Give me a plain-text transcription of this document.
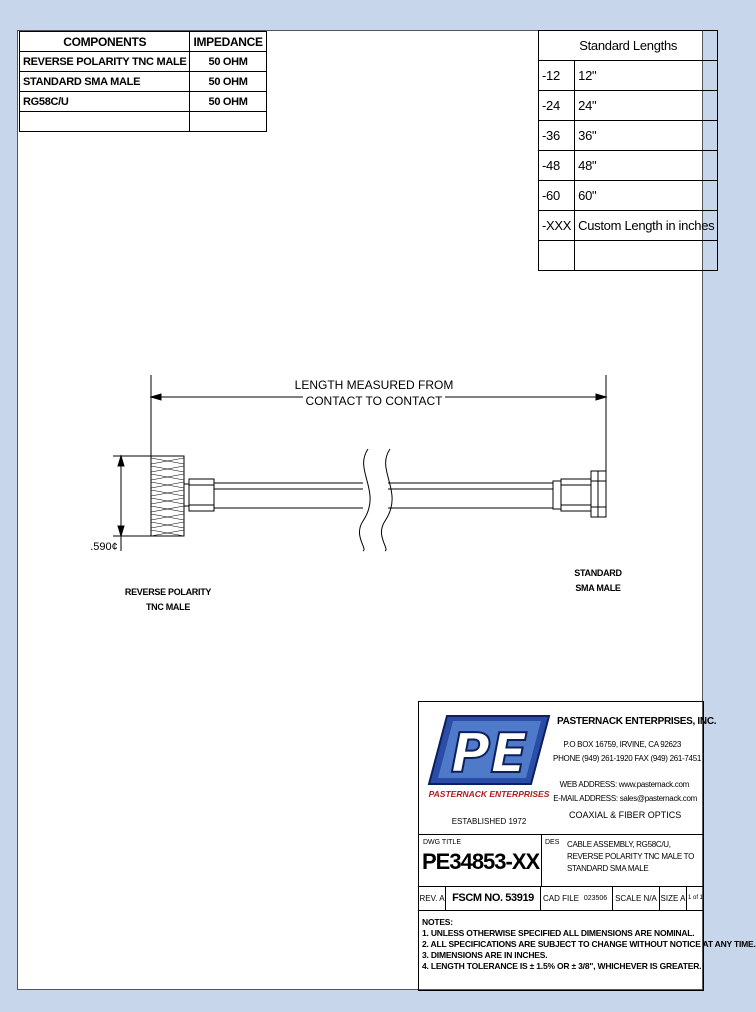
COMPONENTS	IMPEDANCE
REVERSE POLARITY TNC MALE	50 OHM
STANDARD SMA MALE	50 OHM
RG58C/U	50 OHM

Standard Lengths	
-12	12"
-24	24"
-36	36"
-48	48"
-60	60"
-XXX	Custom Length in inches

LENGTH MEASURED FROM
CONTACT TO CONTACT
.590¢
REVERSE POLARITY
TNC MALE
STANDARD
SMA MALE
PE
PASTERNACK ENTERPRISES
ESTABLISHED 1972
PASTERNACK ENTERPRISES, INC.
P.O BOX 16759, IRVINE, CA 92623
PHONE (949) 261-1920 FAX (949) 261-7451
WEB ADDRESS: www.pasternack.com
E-MAIL ADDRESS: sales@pasternack.com
COAXIAL & FIBER OPTICS
DWG TITLE
PE34853-XX
DES CABLE ASSEMBLY, RG58C/U, REVERSE POLARITY TNC MALE TO STANDARD SMA MALE
REV. A FSCM NO. 53919	CAD FILE 023506 SCALE N/A SIZE A 1 of 1
NOTES:
1. UNLESS OTHERWISE SPECIFIED ALL DIMENSIONS ARE NOMINAL.
2. ALL SPECIFICATIONS ARE SUBJECT TO CHANGE WITHOUT NOTICE AT ANY TIME.
3. DIMENSIONS ARE IN INCHES.
4. LENGTH TOLERANCE IS ± 1.5% OR ± 3/8", WHICHEVER IS GREATER.
